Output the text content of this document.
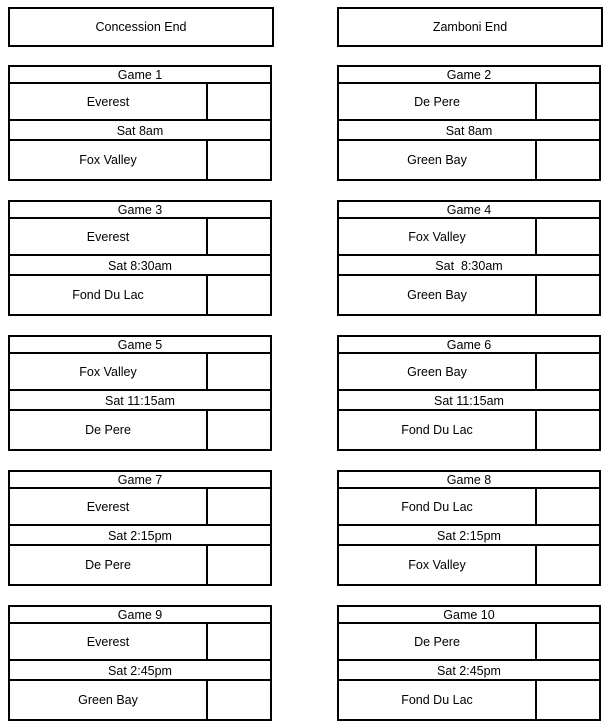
Concession End
Game 1
Everest
Sat 8am
Fox Valley
Game 3
Everest
Sat 8:30am
Fond Du Lac
Game 5
Fox Valley
Sat 11:15am
De Pere
Game 7
Everest
Sat 2:15pm
De Pere
Game 9
Everest
Sat 2:45pm
Green Bay
Zamboni End
Game 2
De Pere
Sat 8am
Green Bay
Game 4
Fox Valley
Sat  8:30am
Green Bay
Game 6
Green Bay
Sat 11:15am
Fond Du Lac
Game 8
Fond Du Lac
Sat 2:15pm
Fox Valley
Game 10
De Pere
Sat 2:45pm
Fond Du Lac
